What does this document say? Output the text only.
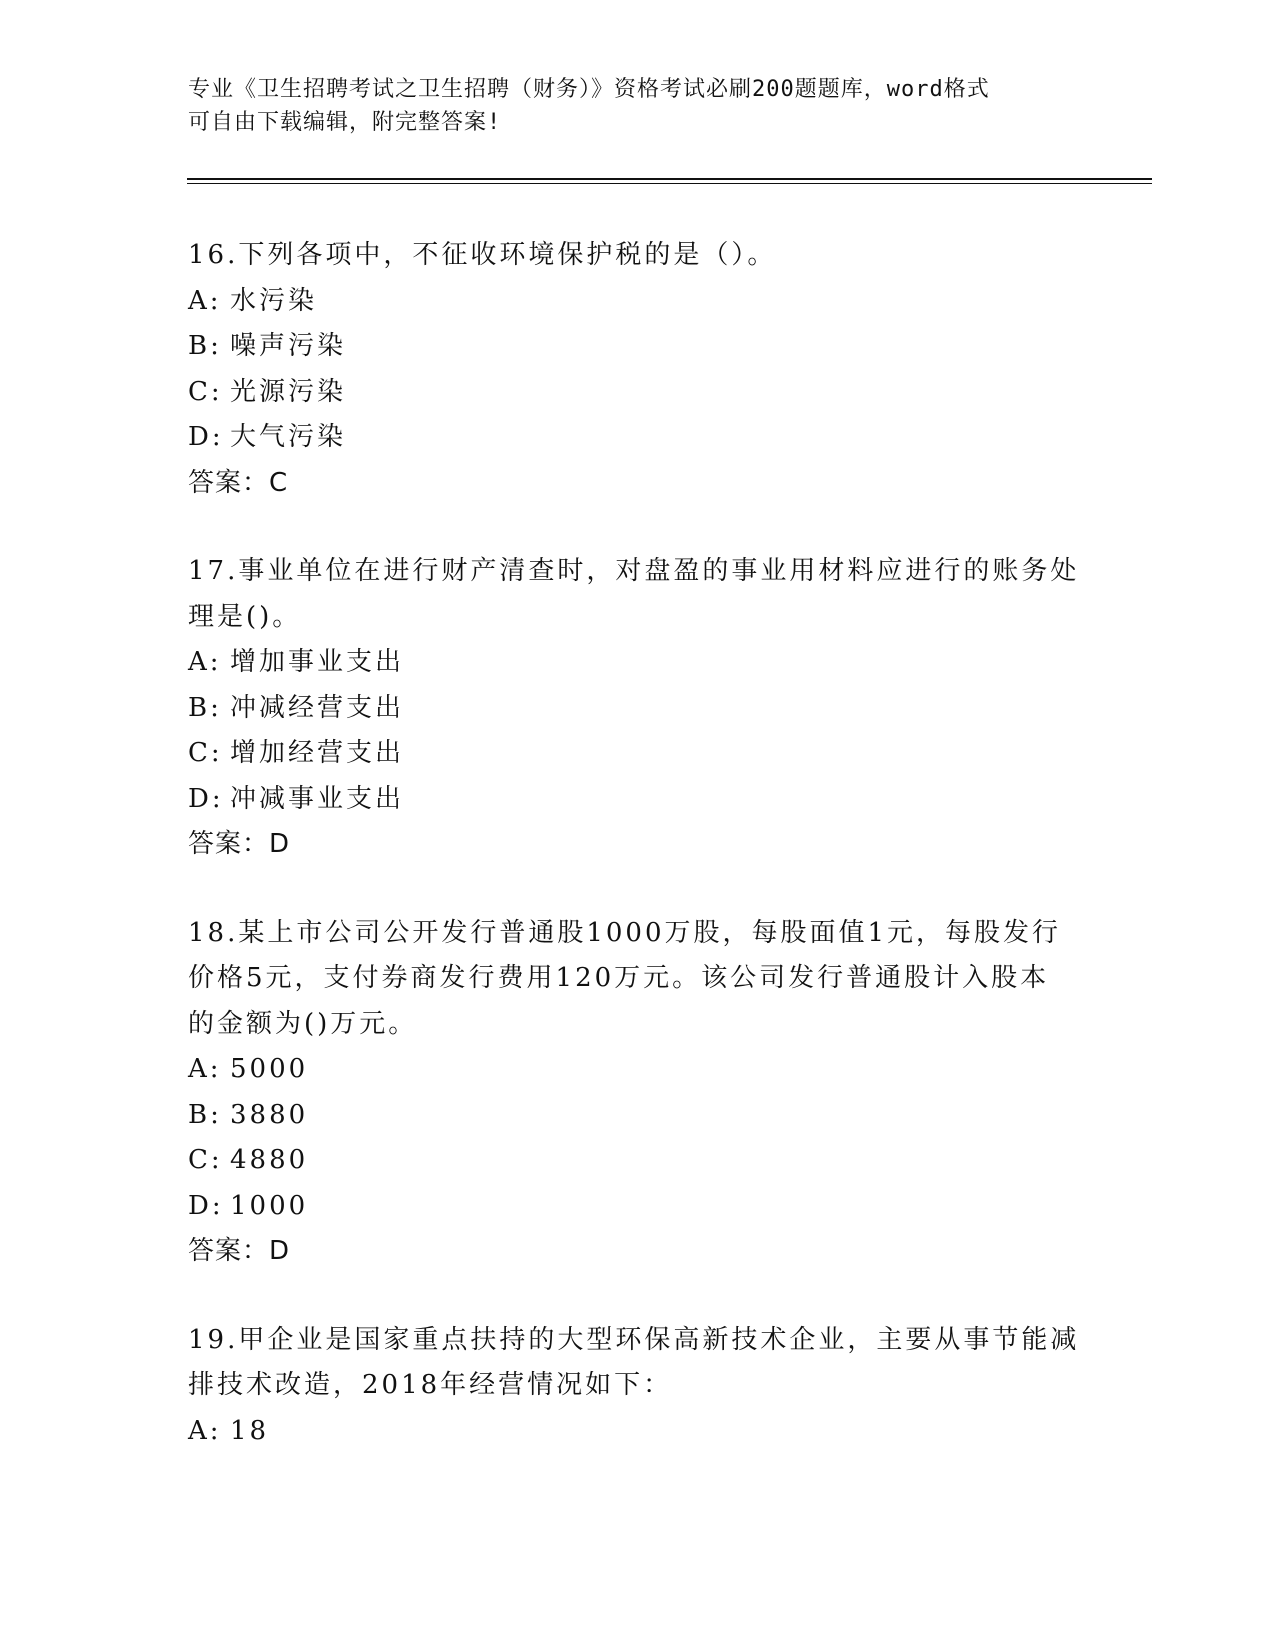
专业《卫生招聘考试之卫生招聘（财务）》资格考试必刷200题题库，word格式
可自由下载编辑，附完整答案!
16.下列各项中，不征收环境保护税的是（）。
A: 水污染
B: 噪声污染
C: 光源污染
D: 大气污染
答案：C
17.事业单位在进行财产清查时，对盘盈的事业用材料应进行的账务处
理是()。
A: 增加事业支出
B: 冲减经营支出
C: 增加经营支出
D: 冲减事业支出
答案：D
18.某上市公司公开发行普通股1000万股，每股面值1元，每股发行
价格5元，支付券商发行费用120万元。该公司发行普通股计入股本
的金额为()万元。
A: 5000
B: 3880
C: 4880
D: 1000
答案：D
19.甲企业是国家重点扶持的大型环保高新技术企业，主要从事节能减
排技术改造，2018年经营情况如下：
A: 18
